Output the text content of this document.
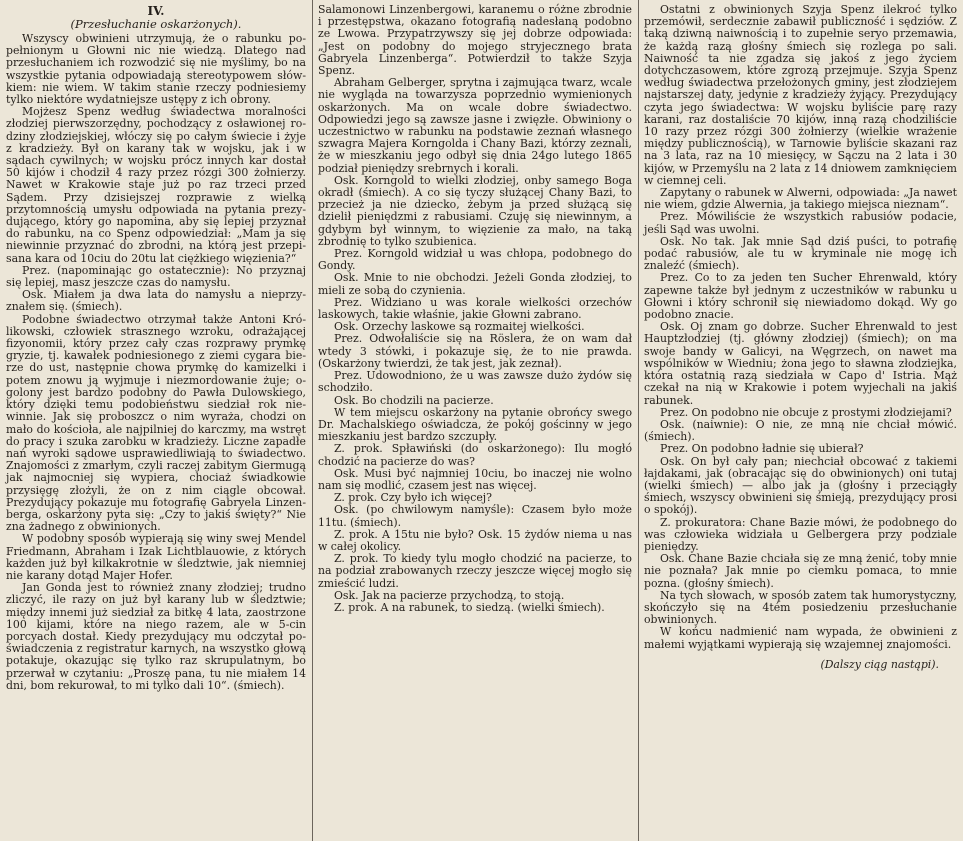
IV.
(Przesłuchanie oskarżonych).

Wszyscy obwinieni utrzymują, że o rabunku popełnionym u Głowni nic nie wiedzą. Dlatego nad przesłuchaniem ich rozwodzić się nie myślimy, bo na wszystkie pytania odpowiadają stereotypowem słówkiem: nie wiem. W takim stanie rzeczy podniesiemy tylko niektóre wydatniejsze ustępy z ich obrony.

Mojżesz Spenz według świadectwa moralności złodziej pierwszorzędny, pochodzący z osławionej rodziny złodziejskiej, włóczy się po całym świecie i żyje z kradzieży. Był on karany tak w wojsku, jak i w sądach cywilnych; w wojsku prócz innych kar dostał 50 kijów i chodził 4 razy przez rózgi 300 żołnierzy. Nawet w Krakowie staje już po raz trzeci przed Sądem. Przy dzisiejszej rozprawie z wielką przytomnością umysłu odpowiada na pytania prezydującego, który go napomina, aby się lepiej przyznał do rabunku, na co Spenz odpowiedział: „Mam ja się niewinnie przyznać do zbrodni, na którą jest przepisana kara od 10ciu do 20tu lat ciężkiego więzienia?“

Prez. (napominając go ostatecznie): No przyznaj się lepiej, masz jeszcze czas do namysłu.

Osk. Miałem ja dwa lata do namysłu a nieprzyznałem się. (śmiech).

Podobne świadectwo otrzymał także Antoni Królikowski, człowiek strasznego wzroku, odrażającej fizyonomii, który przez cały czas rozprawy prymkę gryzie, tj. kawałek podniesionego z ziemi cygara bierze do ust, następnie chowa prymkę do kamizelki i potem znowu ją wyjmuje i niezmordowanie żuje; ogolony jest bardzo podobny do Pawła Dulowskiego, który dzięki temu podobieństwu siedział rok niewinnie. Jak się proboszcz o nim wyraża, chodzi on mało do kościoła, ale najpilniej do karczmy, ma wstręt do pracy i szuka zarobku w kradzieży. Liczne zapadłe nań wyroki sądowe usprawiedliwiają to świadectwo. Znajomości z zmarłym, czyli raczej zabitym Giermugą jak najmocniej się wypiera, chociaż świadkowie przysięgę złożyli, że on z nim ciągle obcował. Prezydujący pokazuje mu fotografię Gabryela Linzenberga, oskarżony pyta się: „Czy to jakiś święty?“ Nie zna żadnego z obwinionych.

W podobny sposób wypierają się winy swej Mendel Friedmann, Abraham i Izak Lichtblauowie, z których każden już był kilkakrotnie w śledztwie, jak niemniej nie karany dotąd Majer Hofer.

Jan Gonda jest to również znany złodziej; trudno zliczyć, ile razy on już był karany lub w śledztwie; między innemi już siedział za bitkę 4 lata, zaostrzone 100 kijami, które na niego razem, ale w 5-cin porcyach dostał. Kiedy prezydujący mu odczytał poświadczenia z registratur karnych, na wszystko głową potakuje, okazując się tylko raz skrupulatnym, bo przerwał w czytaniu: „Proszę pana, tu nie miałem 14 dni, bom rekurował, to mi tylko dali 10“. (śmiech).

Salamonowi Linzenbergowi, karanemu o różne zbrodnie i przestępstwa, okazano fotografią nadesłaną podobno ze Lwowa. Przypatrzywszy się jej dobrze odpowiada: „Jest on podobny do mojego stryjecznego brata Gabryela Linzenberga“. Potwierdził to także Szyja Spenz.

Abraham Gelberger, sprytna i zajmująca twarz, wcale nie wygląda na towarzysza poprzednio wymienionych oskarżonych. Ma on wcale dobre świadectwo. Odpowiedzi jego są zawsze jasne i zwięzłe. Obwiniony o uczestnictwo w rabunku na podstawie zeznań własnego szwagra Majera Korngolda i Chany Bazi, którzy zeznali, że w mieszkaniu jego odbył się dnia 24go lutego 1865 podział pieniędzy srebrnych i korali.

Osk. Korngold to wielki złodziej, onby samego Boga okradł (śmiech). A co się tyczy służącej Chany Bazi, to przecież ja nie dziecko, żebym ja przed służącą się dzielił pieniędzmi z rabusiami. Czuję się niewinnym, a gdybym był winnym, to więzienie za mało, na taką zbrodnię to tylko szubienica.

Prez. Korngold widział u was chłopa, podobnego do Gondy.

Osk. Mnie to nie obchodzi. Jeżeli Gonda złodziej, to mieli ze sobą do czynienia.

Prez. Widziano u was korale wielkości orzechów laskowych, takie właśnie, jakie Głowni zabrano.

Osk. Orzechy laskowe są rozmaitej wielkości.

Prez. Odwołaliście się na Röslera, że on wam dał wtedy 3 stówki, i pokazuje się, że to nie prawda. (Oskarżony twierdzi, że tak jest, jak zeznał).

Prez. Udowodniono, że u was zawsze dużo żydów się schodziło.

Osk. Bo chodzili na pacierze.

W tem miejscu oskarżony na pytanie obrońcy swego Dr. Machalskiego oświadcza, że pokój gościnny w jego mieszkaniu jest bardzo szczupły.

Z. prok. Spławiński (do oskarżonego): Ilu mogłó chodzić na pacierze do was?

Osk. Musi być najmniej 10ciu, bo inaczej nie wolno nam się modlić, czasem jest nas więcej.

Z. prok. Czy było ich więcej?

Osk. (po chwilowym namyśle): Czasem było może 11tu. (śmiech).

Z. prok. A 15tu nie było? Osk. 15 żydów niema u nas w całej okolicy.

Z. prok. To kiedy tylu mogło chodzić na pacierze, to na podział zrabowanych rzeczy jeszcze więcej mogło się zmieścić ludzi.

Osk. Jak na pacierze przychodzą, to stoją.

Z. prok. A na rabunek, to siedzą. (wielki śmiech).

Ostatni z obwinionych Szyja Spenz ilekroć tylko przemówił, serdecznie zabawił publiczność i sędziów. Z taką dziwną naiwnością i to zupełnie seryo przemawia, że każdą razą głośny śmiech się rozlega po sali. Naiwność ta nie zgadza się jakoś z jego życiem dotychczasowem, które zgrozą przejmuje. Szyja Spenz według świadectwa przełożonych gminy, jest złodziejem najstarszej daty, jedynie z kradzieży żyjący. Prezydujący czyta jego świadectwa: W wojsku byliście parę razy karani, raz dostaliście 70 kijów, inną razą chodziliście 10 razy przez rózgi 300 żołnierzy (wielkie wrażenie między publicznością), w Tarnowie byliście skazani raz na 3 lata, raz na 10 miesięcy, w Sączu na 2 lata i 30 kijów, w Przemyślu na 2 lata z 14 dniowem zamknięciem w ciemnej celi.

Zapytany o rabunek w Alwerni, odpowiada: „Ja nawet nie wiem, gdzie Alwernia, ja takiego miejsca nieznam“.

Prez. Mówiliście że wszystkich rabusiów podacie, jeśli Sąd was uwolni.

Osk. No tak. Jak mnie Sąd dziś puści, to potrafię podać rabusiów, ale tu w kryminale nie mogę ich znaleźć (śmiech).

Prez. Co to za jeden ten Sucher Ehrenwald, który zapewne także był jednym z uczestników w rabunku u Głowni i który schronił się niewiadomo dokąd. Wy go podobno znacie.

Osk. Oj znam go dobrze. Sucher Ehrenwald to jest Hauptzłodziej (tj. główny złodziej) (śmiech); on ma swoje bandy w Galicyi, na Węgrzech, on nawet ma wspólników w Wiedniu; żona jego to sławna złodziejka, która ostatnią razą siedziała w Capo d' Istria. Mąż czekał na nią w Krakowie i potem wyjechali na jakiś rabunek.

Prez. On podobno nie obcuje z prostymi złodziejami?

Osk. (naiwnie): O nie, ze mną nie chciał mówić. (śmiech).

Prez. On podobno ładnie się ubierał?

Osk. On był cały pan; niechciał obcować z takiemi łajdakami, jak (obracając się do obwinionych) oni tutaj (wielki śmiech) — albo jak ja (głośny i przeciągły śmiech, wszyscy obwinieni się śmieją, prezydujący prosi o spokój).

Z. prokuratora: Chane Bazie mówi, że podobnego do was człowieka widziała u Gelbergera przy podziale pieniędzy.

Osk. Chane Bazie chciała się ze mną żenić, toby mnie nie poznała? Jak mnie po ciemku pomaca, to mnie pozna. (głośny śmiech).

Na tych słowach, w sposób zatem tak humorystyczny, skończyło się na 4tém posiedzeniu przesłuchanie obwinionych.

W końcu nadmienić nam wypada, że obwinieni z małemi wyjątkami wypierają się wzajemnej znajomości.

(Dalszy ciąg nastąpi).
